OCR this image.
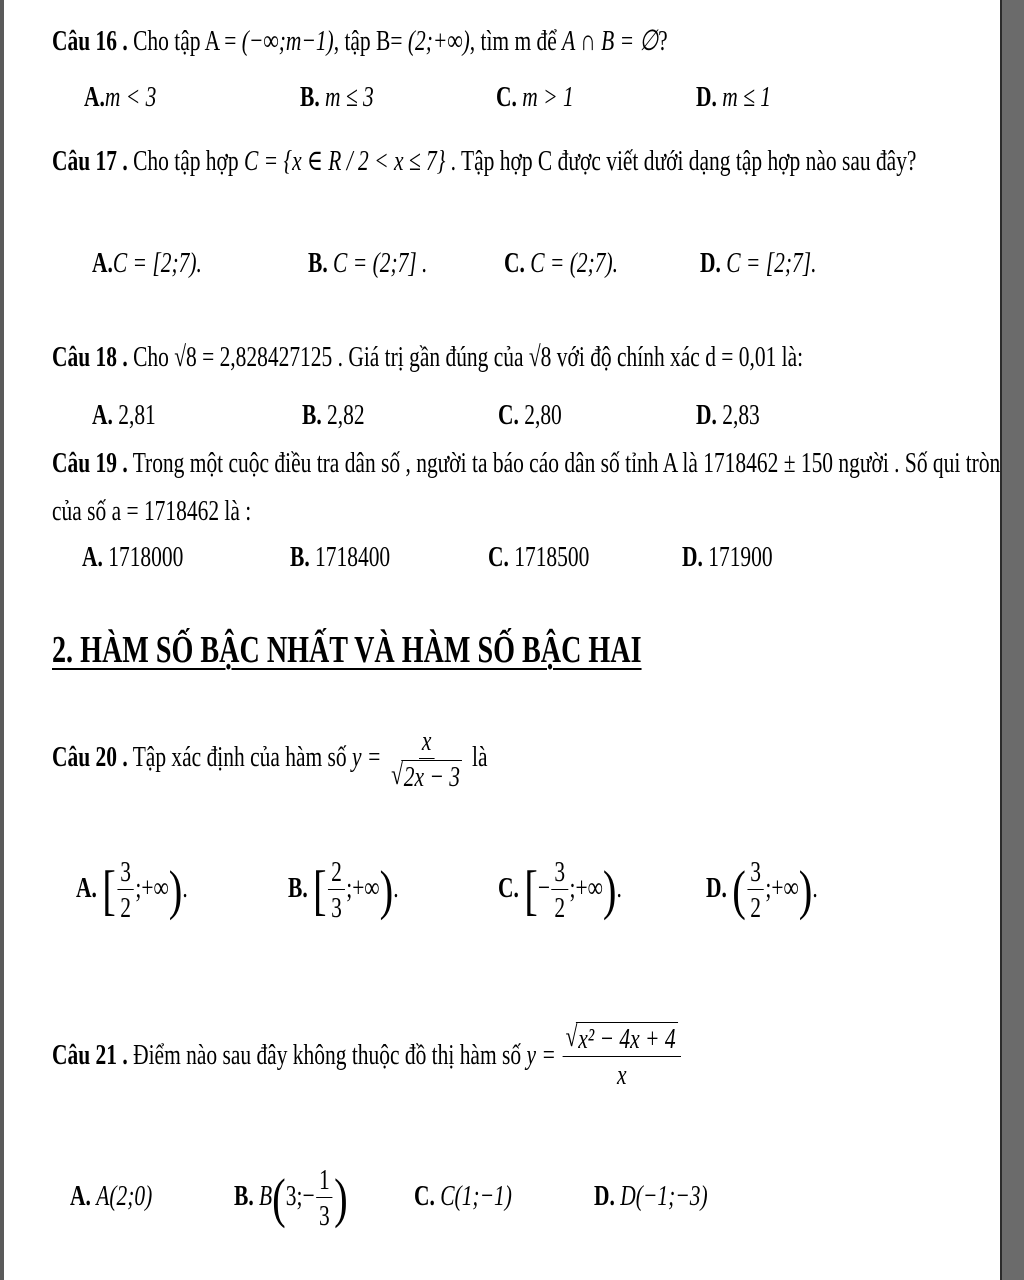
Câu 16 . Cho tập A = (−∞;m−1), tập B= (2;+∞), tìm m để A ∩ B = ∅?
A.m < 3	B. m ≤ 3	C. m > 1	D. m ≤ 1
Câu 17 . Cho tập hợp C = {x ∈ R / 2 < x ≤ 7} . Tập hợp C được viết dưới dạng tập hợp nào sau đây?
A.C = [2;7).	B. C = (2;7] .	C. C = (2;7).	D. C = [2;7].
Câu 18 . Cho √8 = 2,828427125 . Giá trị gần đúng của √8 với độ chính xác d = 0,01 là:
A. 2,81	B. 2,82	C. 2,80	D. 2,83
Câu 19 . Trong một cuộc điều tra dân số , người ta báo cáo dân số tỉnh A là 1718462 ± 150 người . Số qui tròn
của số a = 1718462 là :
A. 1718000	B. 1718400	C. 1718500	D. 171900
2. HÀM SỐ BẬC NHẤT VÀ HÀM SỐ BẬC HAI
Câu 20 . Tập xác định của hàm số $y = \frac{x}{√ 2x - 3}$ là
A. [ $\frac{3}{2}$ ;+∞).	B. [ $\frac{2}{3}$ ;+∞).	C. [− $\frac{3}{2}$ ;+∞).	D. ( $\frac{3}{2}$ ;+∞).
Câu 21 . Điểm nào sau đây không thuộc đồ thị hàm số $y = \frac{\text{√ x² − 4x + 4}}{x}$
A. A(2;0)	B. B(3;− $\frac{1}{3}$ ) C. C(1;−1)	D. D(−1;−3)
